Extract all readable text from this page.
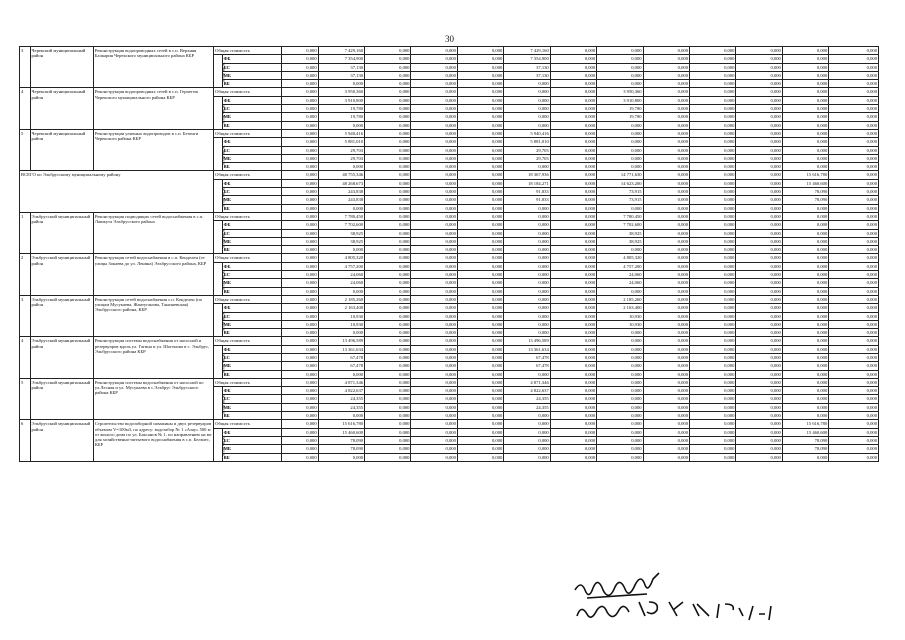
30
3	Черекский муниципальный район	Реконструкция водопроводных сетей в с.п. Верхняя Балкария Черекского муниципального района КБР	Общая стоимость		0,000	7 429,160	0,000	0,000	0,000	7 429,160	0,000	0,000	0,000	0,000	0,000	0,000	0,000
			в том числе:	ФБ	0,000	7 354,900	0,000	0,000	0,000	7 354,900	0,000	0,000	0,000	0,000	0,000	0,000	0,000
				БС	0,000	37,130	0,000	0,000	0,000	37,130	0,000	0,000	0,000	0,000	0,000	0,000	0,000
				МБ	0,000	37,130	0,000	0,000	0,000	37,130	0,000	0,000	0,000	0,000	0,000	0,000	0,000
				ВБ	0,000	0,000	0,000	0,000	0,000	0,000	0,000	0,000	0,000	0,000	0,000	0,000	0,000
4	Черекский муниципальный район	Реконструкция водопроводных сетей в с.п. Герпегеж Черекского муниципального района КБР	Общая стоимость		0,000	3 950,360	0,000	0,000	0,000	0,000	0,000	3 950,360	0,000	0,000	0,000	0,000	0,000
			в том числе:	ФБ	0,000	3 910,800	0,000	0,000	0,000	0,000	0,000	3 910,800	0,000	0,000	0,000	0,000	0,000
				БС	0,000	19,780	0,000	0,000	0,000	0,000	0,000	19,780	0,000	0,000	0,000	0,000	0,000
				МБ	0,000	19,780	0,000	0,000	0,000	0,000	0,000	19,780	0,000	0,000	0,000	0,000	0,000
				ВБ	0,000	0,000	0,000	0,000	0,000	0,000	0,000	0,000	0,000	0,000	0,000	0,000	0,000
5	Черекский муниципальный район	Реконструкция уличных водопроводов в с.п. Безенги Черекского района КБР	Общая стоимость		0,000	5 940,416	0,000	0,000	0,000	5 940,416	0,000	0,000	0,000	0,000	0,000	0,000	0,000
			в том числе:	ФБ	0,000	5 881,010	0,000	0,000	0,000	5 881,010	0,000	0,000	0,000	0,000	0,000	0,000	0,000
				БС	0,000	29,703	0,000	0,000	0,000	29,703	0,000	0,000	0,000	0,000	0,000	0,000	0,000
				МБ	0,000	29,703	0,000	0,000	0,000	29,703	0,000	0,000	0,000	0,000	0,000	0,000	0,000
				ВБ	0,000	0,000	0,000	0,000	0,000	0,000	0,000	0,000	0,000	0,000	0,000	0,000	0,000
ВСЕГО по Эльбрусскому муниципальному району			Общая стоимость		0,000	48 755,346	0,000	0,000	0,000	18 367,936	0,000	14 771,630	0,000	0,000	0,000	15 616,780	0,000
			в том числе:	ФБ	0,000	48 268,673	0,000	0,000	0,000	18 184,271	0,000	14 623,200	0,000	0,000	0,000	15 460,600	0,000
				БС	0,000	243,838	0,000	0,000	0,000	91,833	0,000	73,915	0,000	0,000	0,000	78,090	0,000
				МБ	0,000	243,838	0,000	0,000	0,000	91,833	0,000	73,915	0,000	0,000	0,000	78,090	0,000
				ВБ	0,000	0,000	0,000	0,000	0,000	0,000	0,000	0,000	0,000	0,000	0,000	0,000	0,000
1	Эльбрусский муниципальный район	Реконструкция подводящих сетей водоснабжения в с.п. Лашкута Эльбрусского района	Общая стоимость		0,000	7 780,450	0,000	0,000	0,000	0,000	0,000	7 780,450	0,000	0,000	0,000	0,000	0,000
			в том числе:	ФБ	0,000	7 702,600	0,000	0,000	0,000	0,000	0,000	7 702,600	0,000	0,000	0,000	0,000	0,000
				БС	0,000	38,925	0,000	0,000	0,000	0,000	0,000	38,925	0,000	0,000	0,000	0,000	0,000
				МБ	0,000	38,925	0,000	0,000	0,000	0,000	0,000	38,925	0,000	0,000	0,000	0,000	0,000
				ВБ	0,000	0,000	0,000	0,000	0,000	0,000	0,000	0,000	0,000	0,000	0,000	0,000	0,000
2	Эльбрусский муниципальный район	Реконструкция сетей водоснабжения в с.п. Кенделен (от улицы Зокаева до ул. Ленина) Эльбрусского района, КБР	Общая стоимость		0,000	4 805,320	0,000	0,000	0,000	0,000	0,000	4 805,320	0,000	0,000	0,000	0,000	0,000
			в том числе:	ФБ	0,000	4 757,200	0,000	0,000	0,000	0,000	0,000	4 757,200	0,000	0,000	0,000	0,000	0,000
				БС	0,000	24,060	0,000	0,000	0,000	0,000	0,000	24,060	0,000	0,000	0,000	0,000	0,000
				МБ	0,000	24,060	0,000	0,000	0,000	0,000	0,000	24,060	0,000	0,000	0,000	0,000	0,000
				ВБ	0,000	0,000	0,000	0,000	0,000	0,000	0,000	0,000	0,000	0,000	0,000	0,000	0,000
3	Эльбрусский муниципальный район	Реконструкция сетей водоснабжения с.п. Кенделен (по улицам Мусукаева, Жантуганова, Танашевская) Эльбрусского района, КБР	Общая стоимость		0,000	2 185,260	0,000	0,000	0,000	0,000	0,000	2 185,260	0,000	0,000	0,000	0,000	0,000
			в том числе:	ФБ	0,000	2 163,400	0,000	0,000	0,000	0,000	0,000	2 163,400	0,000	0,000	0,000	0,000	0,000
				БС	0,000	10,930	0,000	0,000	0,000	0,000	0,000	10,930	0,000	0,000	0,000	0,000	0,000
				МБ	0,000	10,930	0,000	0,000	0,000	0,000	0,000	10,930	0,000	0,000	0,000	0,000	0,000
				ВБ	0,000	0,000	0,000	0,000	0,000	0,000	0,000	0,000	0,000	0,000	0,000	0,000	0,000
4	Эльбрусский муниципальный район	Реконструкция системы водоснабжения от насосной и резервуаров вдоль ул. Гагина и ул. Шогенова в с. Эльбрус, Эльбрусского района КБР	Общая стоимость		0,000	13 496,589	0,000	0,000	0,000	13 496,589	0,000	0,000	0,000	0,000	0,000	0,000	0,000
			в том числе:	ФБ	0,000	13 361,634	0,000	0,000	0,000	13 361,634	0,000	0,000	0,000	0,000	0,000	0,000	0,000
				БС	0,000	67,478	0,000	0,000	0,000	67,478	0,000	0,000	0,000	0,000	0,000	0,000	0,000
				МБ	0,000	67,478	0,000	0,000	0,000	67,478	0,000	0,000	0,000	0,000	0,000	0,000	0,000
				ВБ	0,000	0,000	0,000	0,000	0,000	0,000	0,000	0,000	0,000	0,000	0,000	0,000	0,000
5	Эльбрусский муниципальный район	Реконструкция системы водоснабжения от насосной по ул.Лесная и ул. Мусукаева в с.Эльбрус Эльбрусского района КБР	Общая стоимость		0,000	4 871,346	0,000	0,000	0,000	4 871,346	0,000	0,000	0,000	0,000	0,000	0,000	0,000
			в том числе:	ФБ	0,000	4 822,637	0,000	0,000	0,000	4 822,637	0,000	0,000	0,000	0,000	0,000	0,000	0,000
				БС	0,000	24,355	0,000	0,000	0,000	24,355	0,000	0,000	0,000	0,000	0,000	0,000	0,000
				МБ	0,000	24,355	0,000	0,000	0,000	24,355	0,000	0,000	0,000	0,000	0,000	0,000	0,000
				ВБ	0,000	0,000	0,000	0,000	0,000	0,000	0,000	0,000	0,000	0,000	0,000	0,000	0,000
6	Эльбрусский муниципальный район	Строительство водозаборной скважины и двух резервуаров объемом V=100м3, по адресу: водозабор № 1 «Азау» 500 м от жилого дома по ул. Баксанов № 1, по направлению на юг для хозяйственно-питьевого водоснабжения в с.п. Бельчес, КБР	Общая стоимость		0,000	15 616,780	0,000	0,000	0,000	0,000	0,000	0,000	0,000	0,000	0,000	15 616,780	0,000
			в том числе:	ФБ	0,000	15 460,600	0,000	0,000	0,000	0,000	0,000	0,000	0,000	0,000	0,000	15 460,600	0,000
				БС	0,000	78,090	0,000	0,000	0,000	0,000	0,000	0,000	0,000	0,000	0,000	78,090	0,000
				МБ	0,000	78,090	0,000	0,000	0,000	0,000	0,000	0,000	0,000	0,000	0,000	78,090	0,000
				ВБ	0,000	0,000	0,000	0,000	0,000	0,000	0,000	0,000	0,000	0,000	0,000	0,000	0,000
